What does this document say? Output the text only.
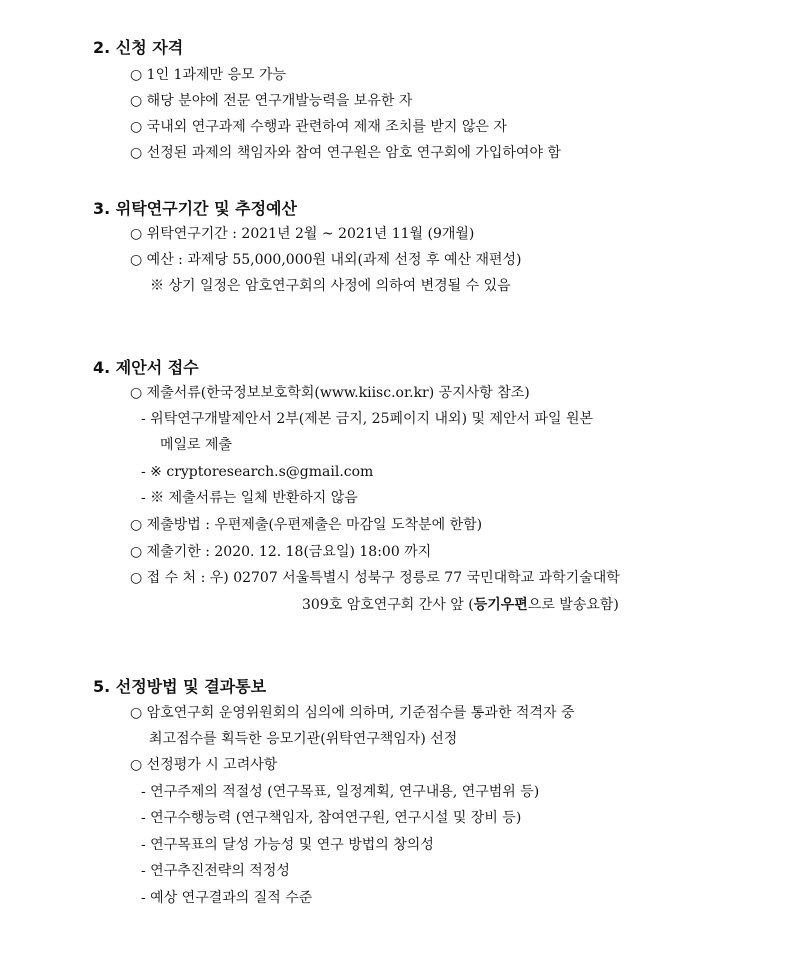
2. 신청 자격
○ 1인 1과제만 응모 가능
○ 해당 분야에 전문 연구개발능력을 보유한 자
○ 국내외 연구과제 수행과 관련하여 제재 조치를 받지 않은 자
○ 선정된 과제의 책임자와 참여 연구원은 암호 연구회에 가입하여야 함
3. 위탁연구기간 및 추정예산
○ 위탁연구기간 : 2021년 2월 ~ 2021년 11월 (9개월)
○ 예산 : 과제당 55,000,000원 내외(과제 선정 후 예산 재편성)
※ 상기 일정은 암호연구회의 사정에 의하여 변경될 수 있음
4. 제안서 접수
○ 제출서류(한국정보보호학회(www.kiisc.or.kr) 공지사항 참조)
- 위탁연구개발제안서 2부(제본 금지, 25페이지 내외) 및 제안서 파일 원본
메일로 제출
- ※ cryptoresearch.s@gmail.com
- ※ 제출서류는 일체 반환하지 않음
○ 제출방법 : 우편제출(우편제출은 마감일 도착분에 한함)
○ 제출기한 : 2020. 12. 18(금요일) 18:00 까지
○ 접 수 처 : 우) 02707 서울특별시 성북구 정릉로 77 국민대학교 과학기술대학
309호 암호연구회 간사 앞 (등기우편으로 발송요함)
5. 선정방법 및 결과통보
○ 암호연구회 운영위원회의 심의에 의하며, 기준점수를 통과한 적격자 중
최고점수를 획득한 응모기관(위탁연구책임자) 선정
○ 선정평가 시 고려사항
- 연구주제의 적절성 (연구목표, 일정계획, 연구내용, 연구범위 등)
- 연구수행능력 (연구책임자, 참여연구원, 연구시설 및 장비 등)
- 연구목표의 달성 가능성 및 연구 방법의 창의성
- 연구추진전략의 적정성
- 예상 연구결과의 질적 수준
